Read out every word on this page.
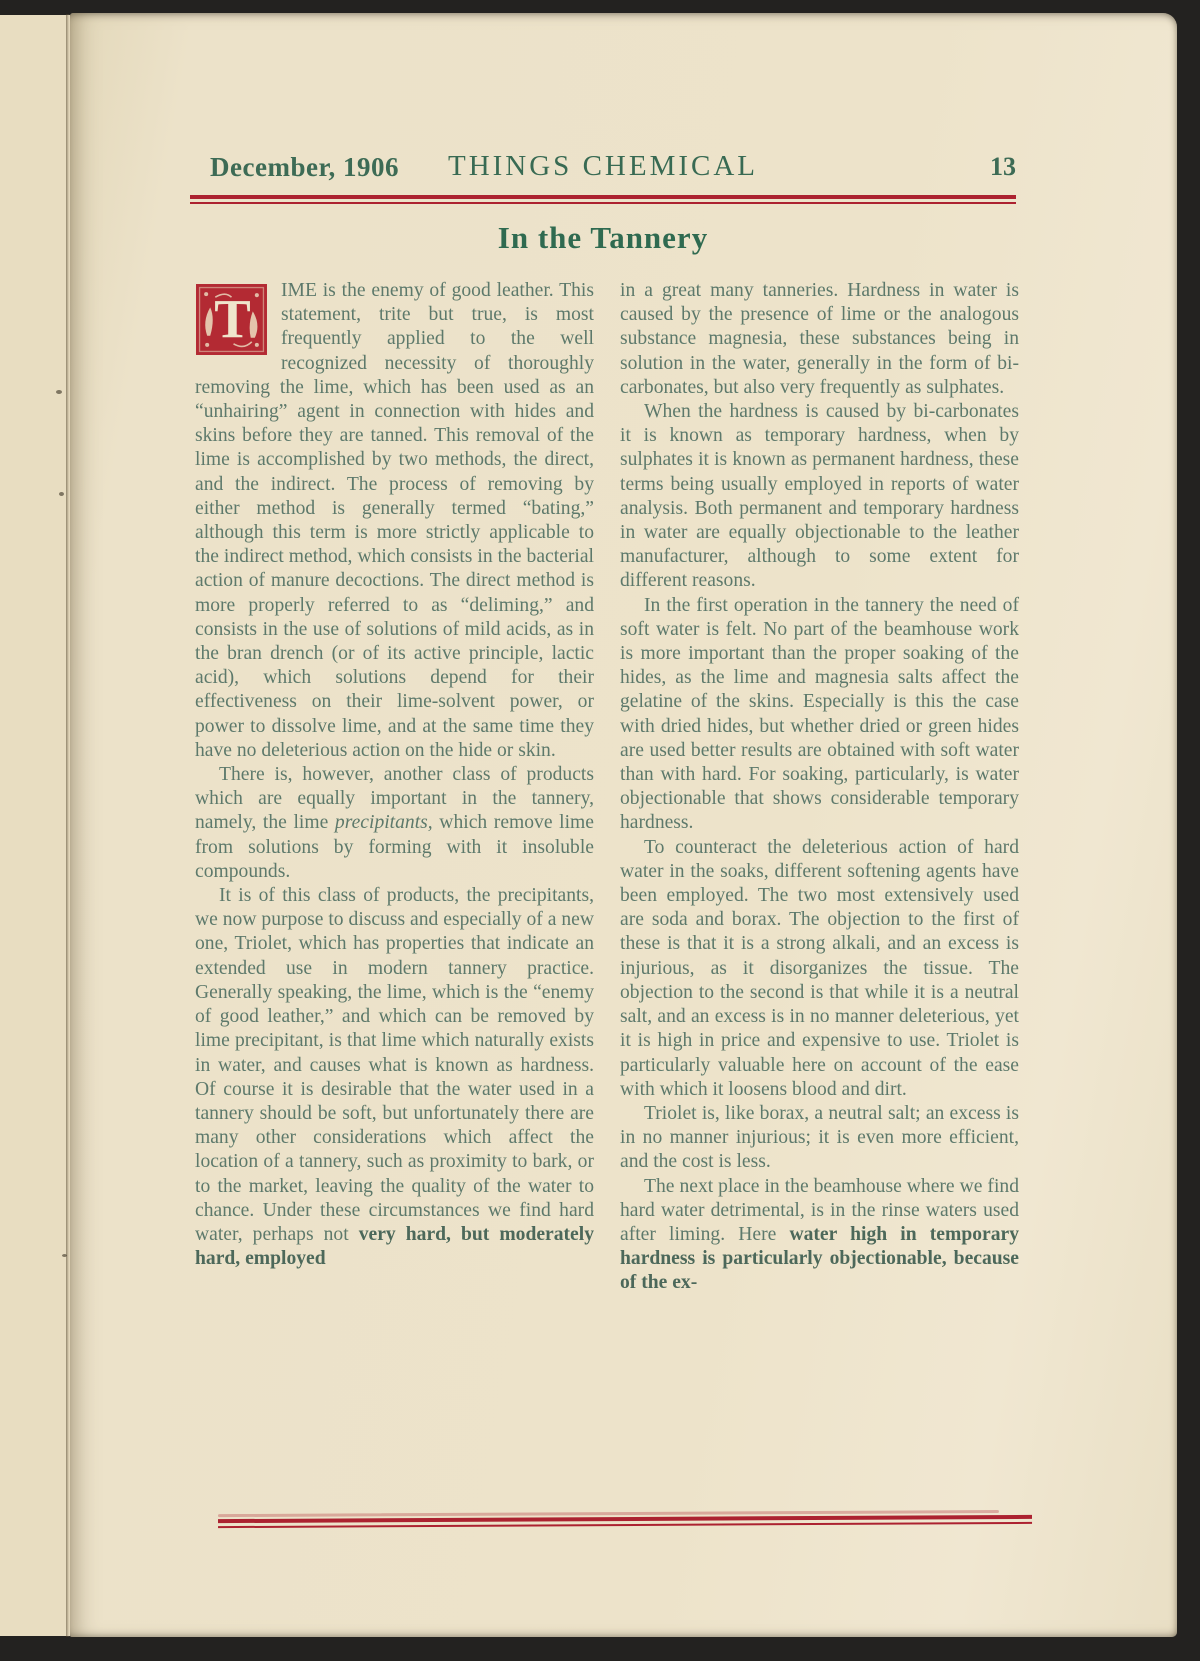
December, 1906	THINGS CHEMICAL	13
In the Tannery

T IME is the enemy of good leather. This statement, trite but true, is most frequently applied to the well recognized necessity of thoroughly removing the lime, which has been used as an “unhairing” agent in connection with hides and skins before they are tanned. This removal of the lime is accomplished by two methods, the direct, and the indirect. The process of removing by either method is generally termed “bating,” although this term is more strictly applicable to the indirect method, which consists in the bacterial action of manure decoctions. The direct method is more properly referred to as “deliming,” and consists in the use of solutions of mild acids, as in the bran drench (or of its active principle, lactic acid), which solutions depend for their effectiveness on their lime-solvent power, or power to dissolve lime, and at the same time they have no deleterious action on the hide or skin.

There is, however, another class of products which are equally important in the tannery, namely, the lime precipitants, which remove lime from solutions by forming with it insoluble compounds.

It is of this class of products, the precipitants, we now purpose to discuss and especially of a new one, Triolet, which has properties that indicate an extended use in modern tannery practice. Generally speaking, the lime, which is the “enemy of good leather,” and which can be removed by lime precipitant, is that lime which naturally exists in water, and causes what is known as hardness. Of course it is desirable that the water used in a tannery should be soft, but unfortunately there are many other considerations which affect the location of a tannery, such as proximity to bark, or to the market, leaving the quality of the water to chance. Under these circumstances we find hard water, perhaps not very hard, but moderately hard, employed

in a great many tanneries. Hardness in water is caused by the presence of lime or the analogous substance magnesia, these substances being in solution in the water, generally in the form of bi-carbonates, but also very frequently as sulphates.

When the hardness is caused by bi-carbonates it is known as temporary hardness, when by sulphates it is known as permanent hardness, these terms being usually employed in reports of water analysis. Both permanent and temporary hardness in water are equally objectionable to the leather manufacturer, although to some extent for different reasons.

In the first operation in the tannery the need of soft water is felt. No part of the beamhouse work is more important than the proper soaking of the hides, as the lime and magnesia salts affect the gelatine of the skins. Especially is this the case with dried hides, but whether dried or green hides are used better results are obtained with soft water than with hard. For soaking, particularly, is water objectionable that shows considerable temporary hardness.

To counteract the deleterious action of hard water in the soaks, different softening agents have been employed. The two most extensively used are soda and borax. The objection to the first of these is that it is a strong alkali, and an excess is injurious, as it disorganizes the tissue. The objection to the second is that while it is a neutral salt, and an excess is in no manner deleterious, yet it is high in price and expensive to use. Triolet is particularly valuable here on account of the ease with which it loosens blood and dirt.

Triolet is, like borax, a neutral salt; an excess is in no manner injurious; it is even more efficient, and the cost is less.

The next place in the beamhouse where we find hard water detrimental, is in the rinse waters used after liming. Here water high in temporary hardness is particularly objectionable, because of the ex-
